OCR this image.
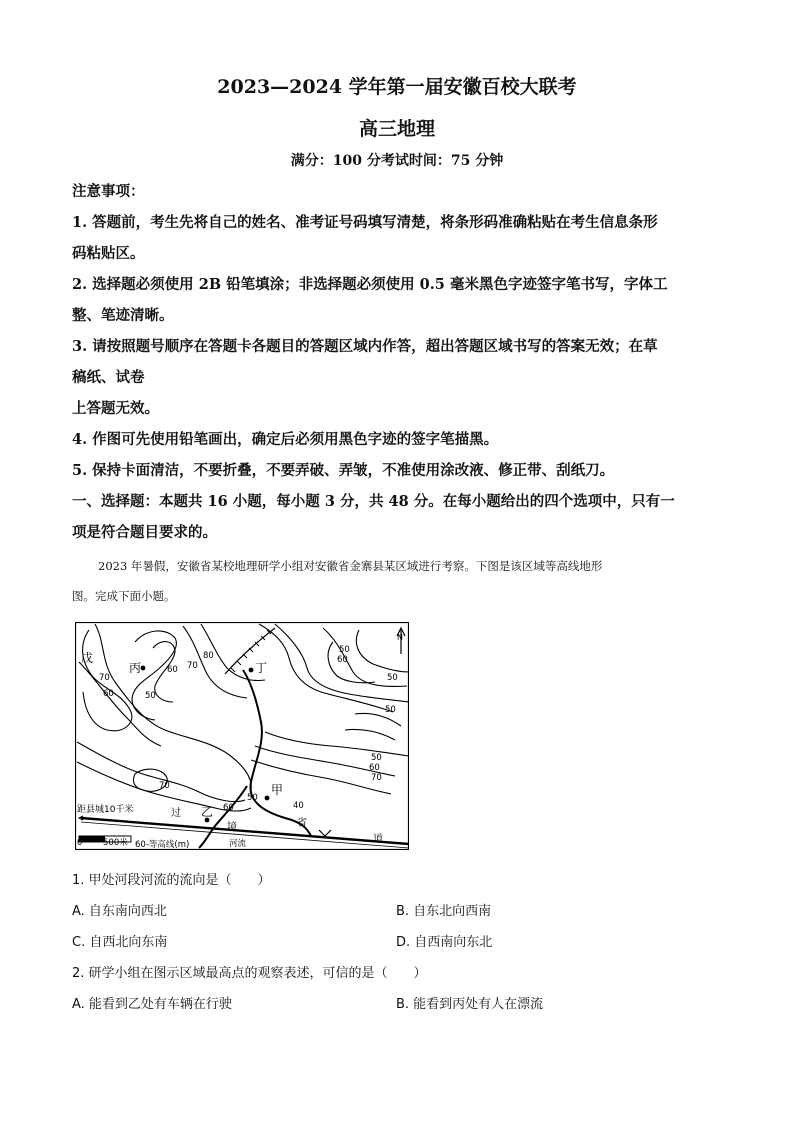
2023—2024 学年第一届安徽百校大联考
高三地理
满分：100 分考试时间：75 分钟

注意事项：

1. 答题前，考生先将自己的姓名、准考证号码填写清楚，将条形码准确粘贴在考生信息条形

码粘贴区。

2. 选择题必须使用 2B 铅笔填涂；非选择题必须使用 0.5 毫米黑色字迹签字笔书写，字体工

整、笔迹清晰。

3. 请按照题号顺序在答题卡各题目的答题区域内作答，超出答题区域书写的答案无效；在草

稿纸、试卷

上答题无效。

4. 作图可先使用铅笔画出，确定后必须用黑色字迹的签字笔描黑。

5. 保持卡面清洁，不要折叠，不要弄破、弄皱，不准使用涂改液、修正带、刮纸刀。

一、选择题：本题共 16 小题，每小题 3 分，共 48 分。在每小题给出的四个选项中，只有一

项是符合题目要求的。

2023 年暑假，安徽省某校地理研学小组对安徽省金寨县某区域进行考察。下图是该区域等高线地形
图。完成下面小题。
戊
丙	丁
甲
乙
N
80
70
60
50
70
60
50
60
50
50
50
60
70
70
60
50
40
过
境	省
道
距县城10千米
0 500米 60-等高线(m)	河流
1. 甲处河段河流的流向是（　　）
A. 自东南向西北	B. 自东北向西南
C. 自西北向东南	D. 自西南向东北
2. 研学小组在图示区域最高点的观察表述，可信的是（　　）
A. 能看到乙处有车辆在行驶	B. 能看到丙处有人在漂流
